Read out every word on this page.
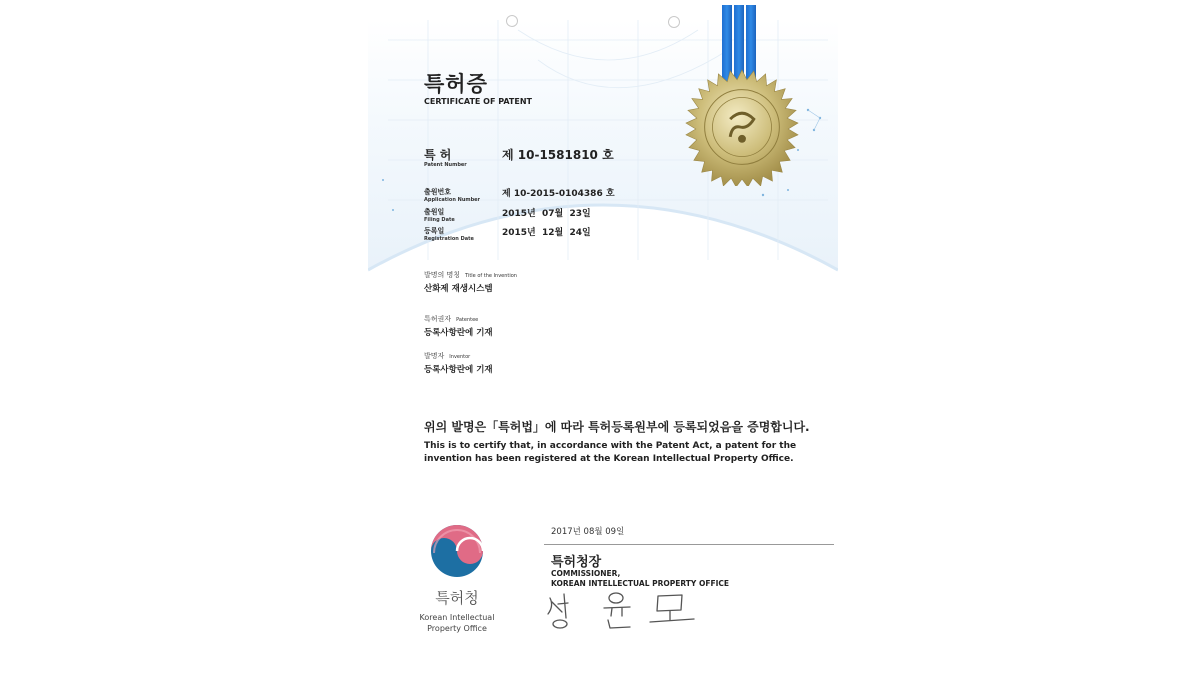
특허증
CERTIFICATE OF PATENT
특 허
Patent Number
제 10-1581810 호
출원번호
Application Number
제 10-2015-0104386 호
출원일
Filing Date
2015년  07월  23일
등록일
Registration Date
2015년  12월  24일
발명의 명칭 Title of the Invention
산화제 재생시스템
특허권자 Patentee
등록사항란에 기재
발명자 Inventor
등록사항란에 기재
위의 발명은「특허법」에 따라 특허등록원부에 등록되었음을 증명합니다.
This is to certify that, in accordance with the Patent Act, a patent for the invention has been registered at the Korean Intellectual Property Office.
2017년 08월 09일
특허청장
COMMISSIONER,
KOREAN INTELLECTUAL PROPERTY OFFICE
특허청
Korean Intellectual
Property Office
